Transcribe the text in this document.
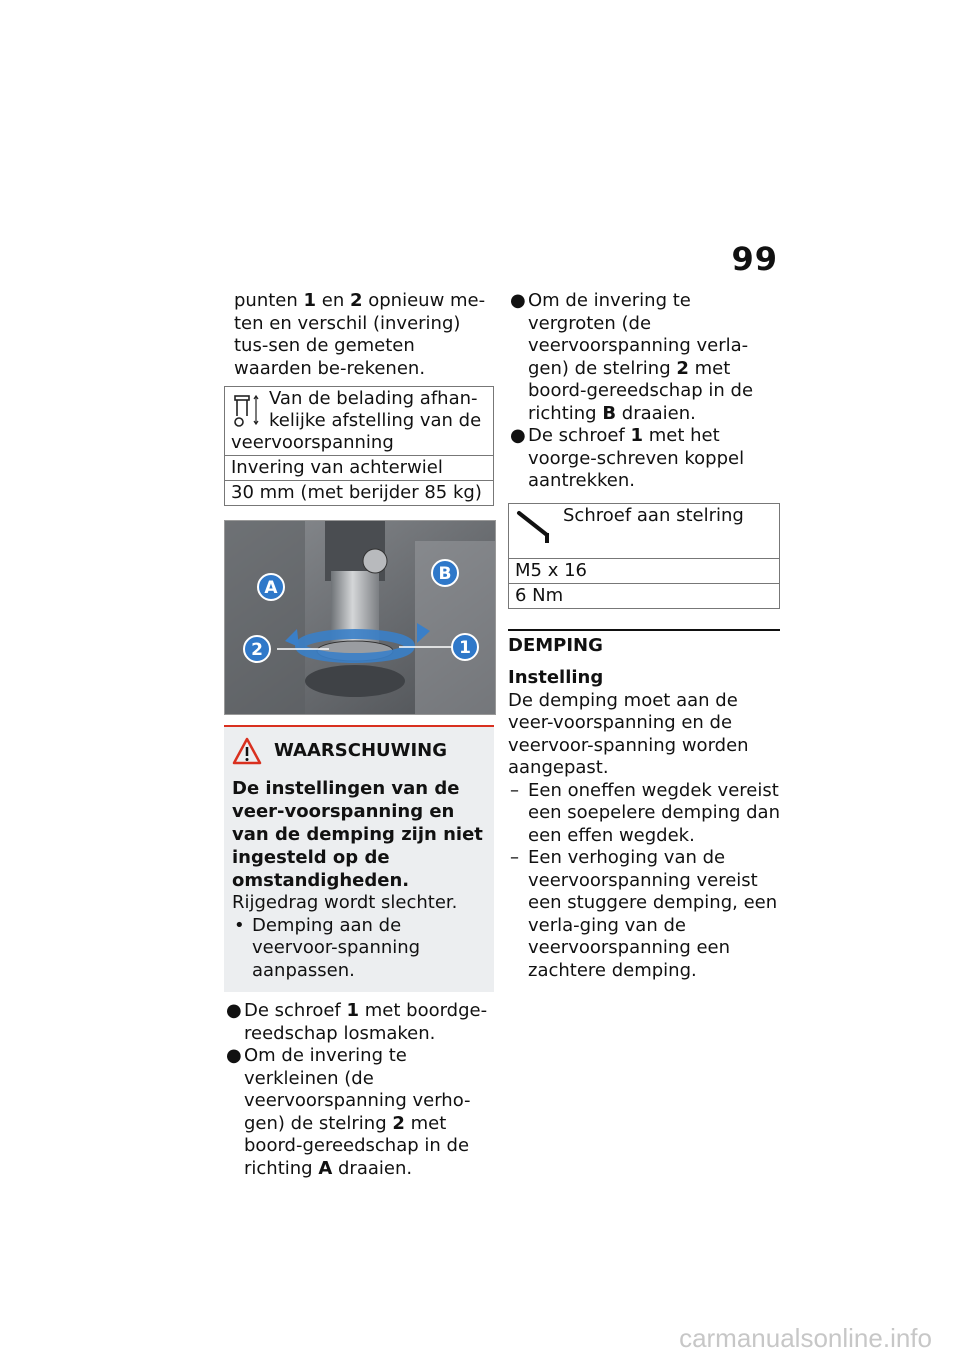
99

punten 1 en 2 opnieuw me-ten en verschil (invering) tus-sen de gemeten waarden be-rekenen.

Van de belading afhan-kelijke afstelling van de veervoorspanning
Invering van achterwiel
30 mm (met berijder 85 kg)
A
B
2	1
WAARSCHUWING
De instellingen van de veer-voorspanning en van de demping zijn niet ingesteld op de omstandigheden.

Rijgedrag wordt slechter.

• Demping aan de veervoor-spanning aanpassen.
● De schroef 1 met boordge-reedschap losmaken.
● Om de invering te verkleinen (de veervoorspanning verho-gen) de stelring 2 met boord-gereedschap in de richting A draaien.
● Om de invering te vergroten (de veervoorspanning verla-gen) de stelring 2 met boord-gereedschap in de richting B draaien.
● De schroef 1 met het voorge-schreven koppel aantrekken.
Schroef aan stelring
M5 x 16
6 Nm
DEMPING
Instelling

De demping moet aan de veer-voorspanning en de veervoor-spanning worden aangepast.

– Een oneffen wegdek vereist een soepelere demping dan een effen wegdek.
– Een verhoging van de veervoorspanning vereist een stuggere demping, een verla-ging van de veervoorspanning een zachtere demping.
carmanualsonline.info
